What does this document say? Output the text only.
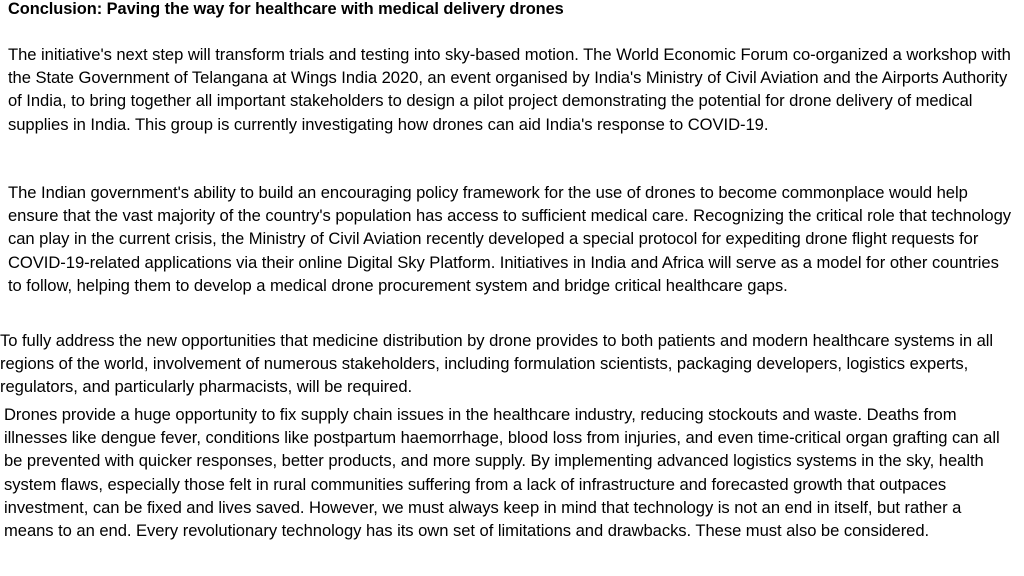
Conclusion: Paving the way for healthcare with medical delivery drones

The initiative's next step will transform trials and testing into sky-based motion. The World Economic Forum co-organized a workshop with the State Government of Telangana at Wings India 2020, an event organised by India's Ministry of Civil Aviation and the Airports Authority of India, to bring together all important stakeholders to design a pilot project demonstrating the potential for drone delivery of medical supplies in India. This group is currently investigating how drones can aid India's response to COVID-19.

The Indian government's ability to build an encouraging policy framework for the use of drones to become commonplace would help ensure that the vast majority of the country's population has access to sufficient medical care. Recognizing the critical role that technology can play in the current crisis, the Ministry of Civil Aviation recently developed a special protocol for expediting drone flight requests for COVID-19-related applications via their online Digital Sky Platform. Initiatives in India and Africa will serve as a model for other countries to follow, helping them to develop a medical drone procurement system and bridge critical healthcare gaps.

To fully address the new opportunities that medicine distribution by drone provides to both patients and modern healthcare systems in all regions of the world, involvement of numerous stakeholders, including formulation scientists, packaging developers, logistics experts, regulators, and particularly pharmacists, will be required.

Drones provide a huge opportunity to fix supply chain issues in the healthcare industry, reducing stockouts and waste. Deaths from illnesses like dengue fever, conditions like postpartum haemorrhage, blood loss from injuries, and even time-critical organ grafting can all be prevented with quicker responses, better products, and more supply. By implementing advanced logistics systems in the sky, health system flaws, especially those felt in rural communities suffering from a lack of infrastructure and forecasted growth that outpaces investment, can be fixed and lives saved. However, we must always keep in mind that technology is not an end in itself, but rather a means to an end. Every revolutionary technology has its own set of limitations and drawbacks. These must also be considered.
